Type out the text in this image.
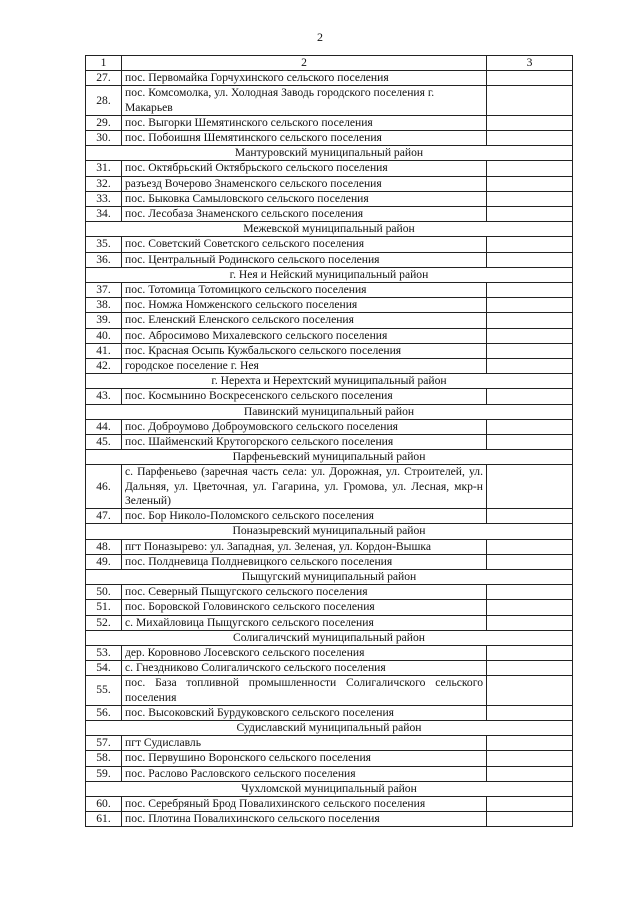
2
1	2	3
27.	пос. Первомайка Горчухинского сельского поселения	
28.	пос. Комсомолка, ул. Холодная Заводь городского поселения г. Макарьев	
29.	пос. Выгорки Шемятинского сельского поселения	
30.	пос. Побоишня Шемятинского сельского поселения	
Мантуровский муниципальный район		
31.	пос. Октябрьский Октябрьского сельского поселения	
32.	разъезд Вочерово Знаменского сельского поселения	
33.	пос. Быковка Самыловского сельского поселения	
34.	пос. Лесобаза Знаменского сельского поселения	
Межевской муниципальный район		
35.	пос. Советский Советского сельского поселения	
36.	пос. Центральный Родинского сельского поселения	
г. Нея и Нейский муниципальный район		
37.	пос. Тотомица Тотомицкого сельского поселения	
38.	пос. Номжа Номженского сельского поселения	
39.	пос. Еленский Еленского сельского поселения	
40.	пос. Абросимово Михалевского сельского поселения	
41.	пос. Красная Осыпь Кужбальского сельского поселения	
42.	городское поселение г. Нея	
г. Нерехта и Нерехтский муниципальный район		
43.	пос. Космынино Воскресенского сельского поселения	
Павинский муниципальный район		
44.	пос. Доброумово Доброумовского сельского поселения	
45.	пос. Шайменский Крутогорского сельского поселения	
Парфеньевский муниципальный район		
46.	с. Парфеньево (заречная часть села: ул. Дорожная, ул. Строителей, ул. Дальняя, ул. Цветочная, ул. Гагарина, ул. Громова, ул. Лесная, мкр-н Зеленый)	
47.	пос. Бор Николо-Поломского сельского поселения	
Поназыревский муниципальный район		
48.	пгт Поназырево: ул. Западная, ул. Зеленая, ул. Кордон-Вышка	
49.	пос. Полдневица Полдневицкого сельского поселения	
Пыщугский муниципальный район		
50.	пос. Северный Пыщугского сельского поселения	
51.	пос. Боровской Головинского сельского поселения	
52.	с. Михайловица Пыщугского сельского поселения	
Солигаличский муниципальный район		
53.	дер. Коровново Лосевского сельского поселения	
54.	с. Гнездниково Солигаличского сельского поселения	
55.	пос. База топливной промышленности Солигаличского сельского поселения	
56.	пос. Высоковский Бурдуковского сельского поселения	
Судиславский муниципальный район		
57.	пгт Судиславль	
58.	пос. Первушино Воронского сельского поселения	
59.	пос. Раслово Расловского сельского поселения	
Чухломской муниципальный район		
60.	пос. Серебряный Брод Повалихинского сельского поселения	
61.	пос. Плотина Повалихинского сельского поселения	
